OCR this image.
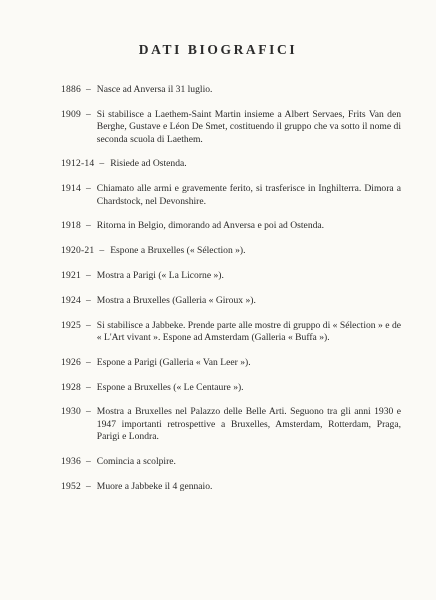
DATI BIOGRAFICI
1886 – Nasce ad Anversa il 31 luglio.
1909 – Si stabilisce a Laethem-Saint Martin insieme a Albert Servaes, Frits Van den Berghe, Gustave e Léon De Smet, costituendo il gruppo che va sotto il nome di seconda scuola di Laethem.
1912-14 – Risiede ad Ostenda.
1914 – Chiamato alle armi e gravemente ferito, si trasferisce in Inghilterra. Dimora a Chardstock, nel Devonshire.
1918 – Ritorna in Belgio, dimorando ad Anversa e poi ad Ostenda.
1920-21 – Espone a Bruxelles (« Sélection »).
1921 – Mostra a Parigi (« La Licorne »).
1924 – Mostra a Bruxelles (Galleria « Giroux »).
1925 – Si stabilisce a Jabbeke. Prende parte alle mostre di gruppo di « Sélection » e de « L'Art vivant ». Espone ad Amsterdam (Galleria « Buffa »).
1926 – Espone a Parigi (Galleria « Van Leer »).
1928 – Espone a Bruxelles (« Le Centaure »).
1930 – Mostra a Bruxelles nel Palazzo delle Belle Arti. Seguono tra gli anni 1930 e 1947 importanti retrospettive a Bruxelles, Amsterdam, Rotterdam, Praga, Parigi e Londra.
1936 – Comincia a scolpire.
1952 – Muore a Jabbeke il 4 gennaio.
